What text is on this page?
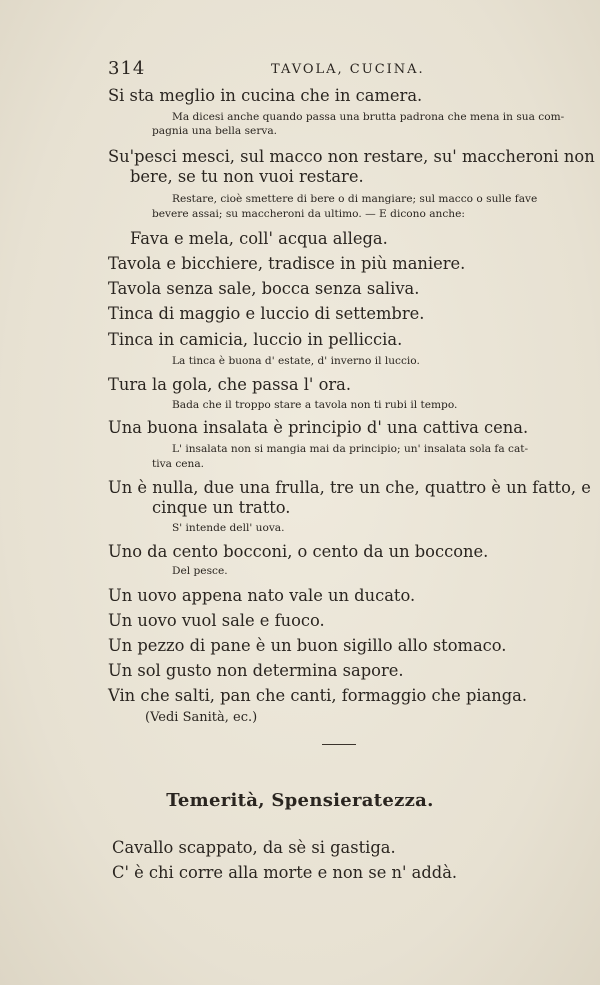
314	TAVOLA, CUCINA.
Si sta meglio in cucina che in camera.
Ma dicesi anche quando passa una brutta padrona che mena in sua com-
pagnia una bella serva.
Su'pesci mesci, sul macco non restare, su' maccheroni non
bere, se tu non vuoi restare.
Restare, cioè smettere di bere o di mangiare; sul macco o sulle fave
bevere assai; su maccheroni da ultimo. — E dicono anche:
Fava e mela, coll' acqua allega.
Tavola e bicchiere, tradisce in più maniere.
Tavola senza sale, bocca senza saliva.
Tinca di maggio e luccio di settembre.
Tinca in camicia, luccio in pelliccia.
La tinca è buona d' estate, d' inverno il luccio.
Tura la gola, che passa l' ora.
Bada che il troppo stare a tavola non ti rubi il tempo.
Una buona insalata è principio d' una cattiva cena.
L' insalata non si mangia mai da principio; un' insalata sola fa cat-
tiva cena.
Un è nulla, due una frulla, tre un che, quattro è un fatto, e
cinque un tratto.
S' intende dell' uova.
Uno da cento bocconi, o cento da un boccone.
Del pesce.
Un uovo appena nato vale un ducato.
Un uovo vuol sale e fuoco.
Un pezzo di pane è un buon sigillo allo stomaco.
Un sol gusto non determina sapore.
Vin che salti, pan che canti, formaggio che pianga.
(Vedi Sanità, ec.)
Temerità, Spensieratezza.
Cavallo scappato, da sè si gastiga.
C' è chi corre alla morte e non se n' addà.
